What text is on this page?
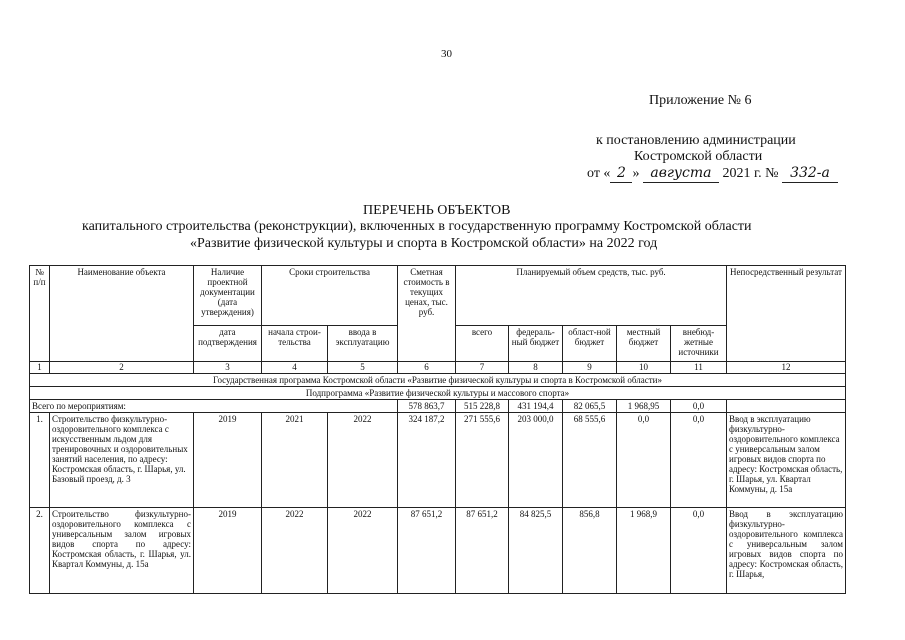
30
Приложение № 6
к постановлению администрации
Костромской области
от « 2 » августа 2021 г. № 332-а
ПЕРЕЧЕНЬ ОБЪЕКТОВ
капитального строительства (реконструкции), включенных в государственную программу Костромской области
«Развитие физической культуры и спорта в Костромской области» на 2022 год
№ п/п	Наименование объекта	Наличие проектной документации (дата утверждения)	Сроки строительства		Сметная стоимость в текущих ценах, тыс. руб.	Планируемый объем средств, тыс. руб.					Непосредственный результат
		дата подтверждения	начала строи-тельства	ввода в эксплуатацию		всего	федераль-ный бюджет	област-ной бюджет	местный бюджет	внебюд-жетные источники	
1	2	3	4	5	6	7	8	9	10	11	12
Государственная программа Костромской области «Развитие физической культуры и спорта в Костромской области»											
Подпрограмма «Развитие физической культуры и массового спорта»											
Всего по мероприятиям:					578 863,7	515 228,8	431 194,4	82 065,5	1 968,95	0,0	
1.	Строительство физкультурно-оздоровительного комплекса с искусственным льдом для тренировочных и оздоровительных занятий населения, по адресу: Костромская область, г. Шарья, ул. Базовый проезд, д. 3	2019	2021	2022	324 187,2	271 555,6	203 000,0	68 555,6	0,0	0,0	Ввод в эксплуатацию физкультурно-оздоровительного комплекса с универсальным залом игровых видов спорта по адресу: Костромская область, г. Шарья, ул. Квартал Коммуны, д. 15а
2.	Строительство физкультурно-оздоровительного комплекса с универсальным залом игровых видов спорта по адресу: Костромская область, г. Шарья, ул. Квартал Коммуны, д. 15а	2019	2022	2022	87 651,2	87 651,2	84 825,5	856,8	1 968,9	0,0	Ввод в эксплуатацию физкультурно-оздоровительного комплекса с универсальным залом игровых видов спорта по адресу: Костромская область, г. Шарья,
